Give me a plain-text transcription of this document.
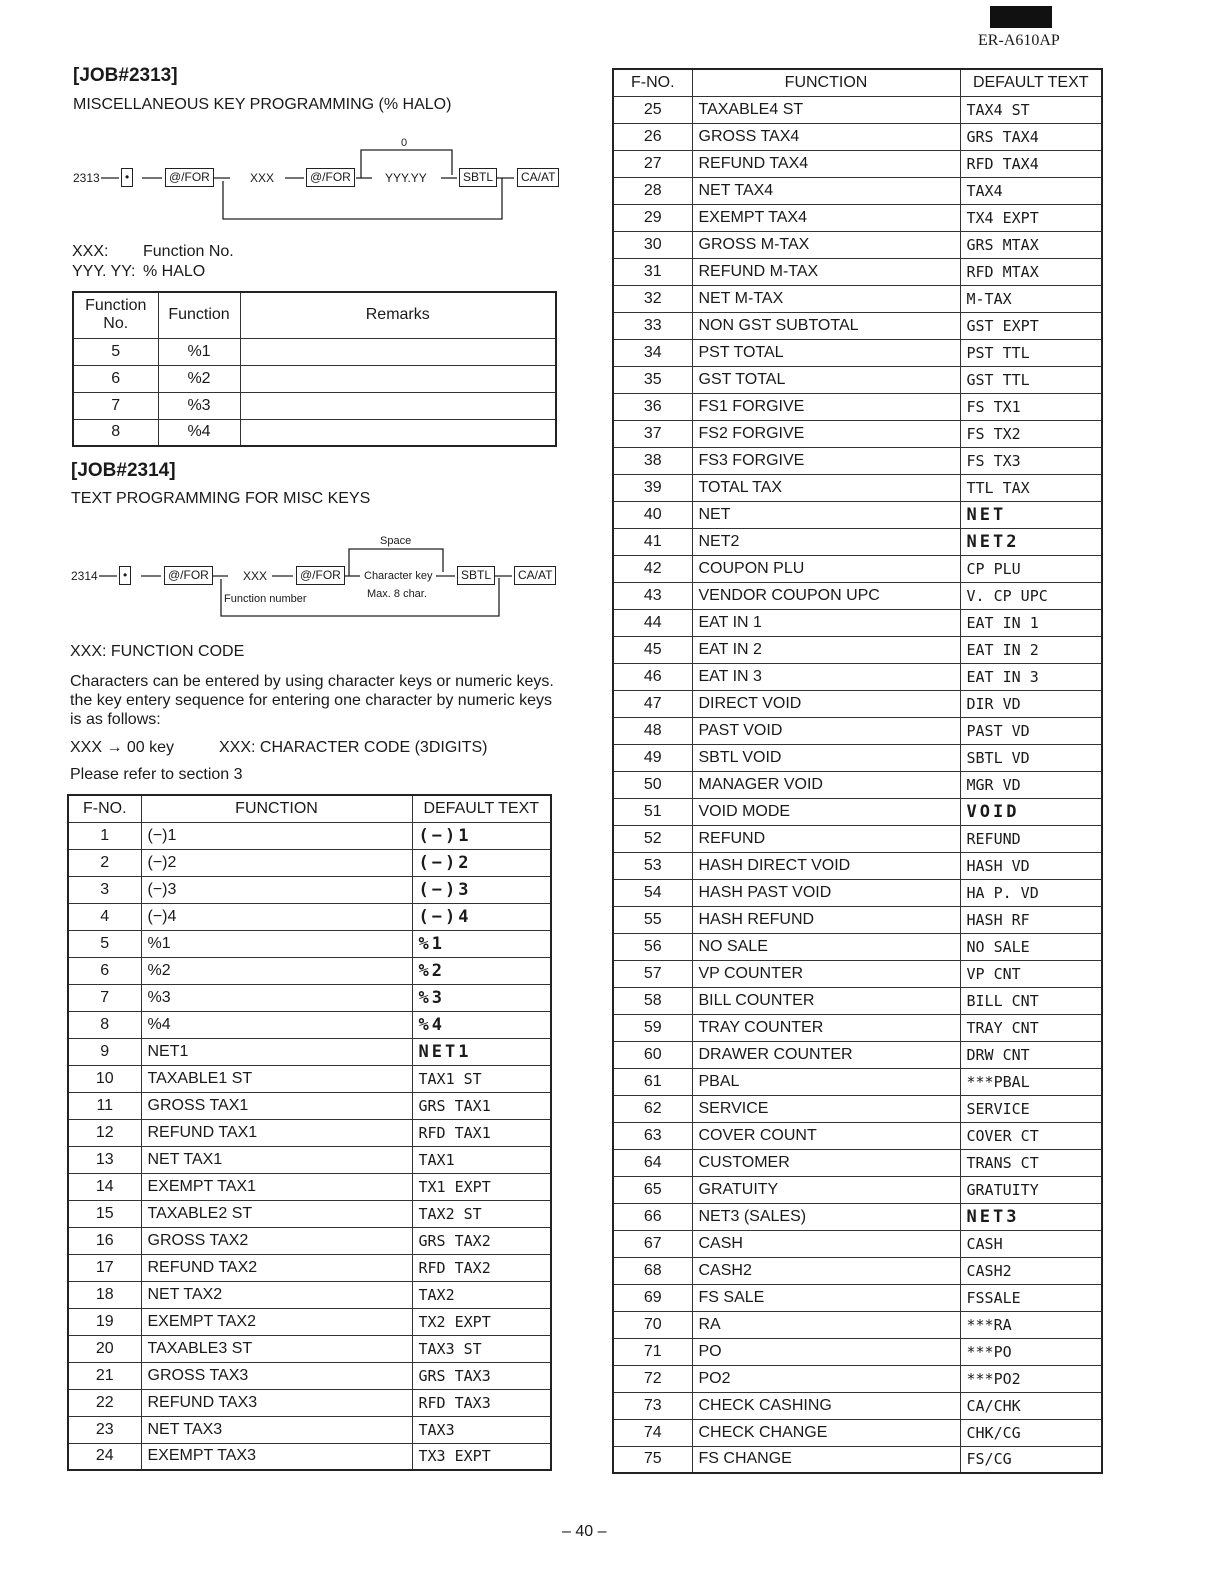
ER-A610AP
[JOB#2313]
MISCELLANEOUS KEY PROGRAMMING (% HALO)
2313	•	@/FOR	XXX	@/FOR
0
YYY.YY	SBTL	CA/AT
XXX: Function No.
YYY. YY: % HALO
Function No.	Function	Remarks
5	%1	
6	%2	
7	%3	
8	%4	
[JOB#2314]
TEXT PROGRAMMING FOR MISC KEYS
2314	•	@/FOR	XXX	@/FOR
Space
Character key
Max. 8 char.
Function number
SBTL	CA/AT
XXX: FUNCTION CODE
Characters can be entered by using character keys or numeric keys.
the key entery sequence for entering one character by numeric keys
is as follows:
XXX → 00 key	XXX: CHARACTER CODE (3DIGITS)
Please refer to section 3
F-NO.	FUNCTION	DEFAULT TEXT
1	(−)1	(−)1
2	(−)2	(−)2
3	(−)3	(−)3
4	(−)4	(−)4
5	%1	%1
6	%2	%2
7	%3	%3
8	%4	%4
9	NET1	NET1
10	TAXABLE1 ST	TAX1 ST
11	GROSS TAX1	GRS TAX1
12	REFUND TAX1	RFD TAX1
13	NET TAX1	TAX1
14	EXEMPT TAX1	TX1 EXPT
15	TAXABLE2 ST	TAX2 ST
16	GROSS TAX2	GRS TAX2
17	REFUND TAX2	RFD TAX2
18	NET TAX2	TAX2
19	EXEMPT TAX2	TX2 EXPT
20	TAXABLE3 ST	TAX3 ST
21	GROSS TAX3	GRS TAX3
22	REFUND TAX3	RFD TAX3
23	NET TAX3	TAX3
24	EXEMPT TAX3	TX3 EXPT
F-NO.	FUNCTION	DEFAULT TEXT
25	TAXABLE4 ST	TAX4 ST
26	GROSS TAX4	GRS TAX4
27	REFUND TAX4	RFD TAX4
28	NET TAX4	TAX4
29	EXEMPT TAX4	TX4 EXPT
30	GROSS M-TAX	GRS MTAX
31	REFUND M-TAX	RFD MTAX
32	NET M-TAX	M-TAX
33	NON GST SUBTOTAL	GST EXPT
34	PST TOTAL	PST TTL
35	GST TOTAL	GST TTL
36	FS1 FORGIVE	FS TX1
37	FS2 FORGIVE	FS TX2
38	FS3 FORGIVE	FS TX3
39	TOTAL TAX	TTL TAX
40	NET	NET
41	NET2	NET2
42	COUPON PLU	CP PLU
43	VENDOR COUPON UPC	V. CP UPC
44	EAT IN 1	EAT IN 1
45	EAT IN 2	EAT IN 2
46	EAT IN 3	EAT IN 3
47	DIRECT VOID	DIR VD
48	PAST VOID	PAST VD
49	SBTL VOID	SBTL VD
50	MANAGER VOID	MGR VD
51	VOID MODE	VOID
52	REFUND	REFUND
53	HASH DIRECT VOID	HASH VD
54	HASH PAST VOID	HA P. VD
55	HASH REFUND	HASH RF
56	NO SALE	NO SALE
57	VP COUNTER	VP CNT
58	BILL COUNTER	BILL CNT
59	TRAY COUNTER	TRAY CNT
60	DRAWER COUNTER	DRW CNT
61	PBAL	***PBAL
62	SERVICE	SERVICE
63	COVER COUNT	COVER CT
64	CUSTOMER	TRANS CT
65	GRATUITY	GRATUITY
66	NET3 (SALES)	NET3
67	CASH	CASH
68	CASH2	CASH2
69	FS SALE	FSSALE
70	RA	***RA
71	PO	***PO
72	PO2	***PO2
73	CHECK CASHING	CA/CHK
74	CHECK CHANGE	CHK/CG
75	FS CHANGE	FS/CG
– 40 –
